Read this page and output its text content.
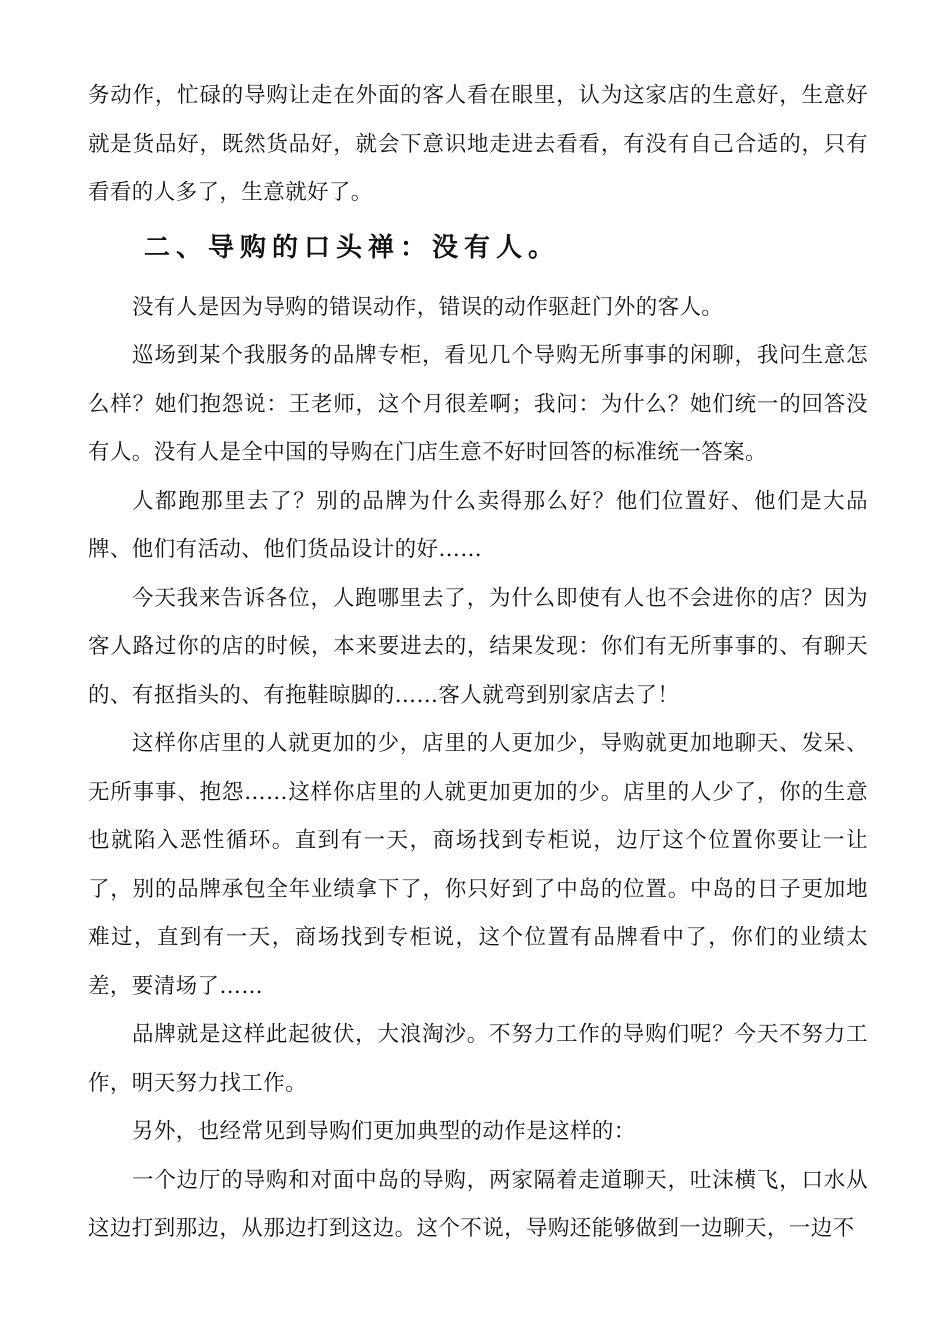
务动作，忙碌的导购让走在外面的客人看在眼里，认为这家店的生意好，生意好就是货品好，既然货品好，就会下意识地走进去看看，有没有自己合适的，只有看看的人多了，生意就好了。

二、导购的口头禅：没有人。

没有人是因为导购的错误动作，错误的动作驱赶门外的客人。

巡场到某个我服务的品牌专柜，看见几个导购无所事事的闲聊，我问生意怎么样？她们抱怨说：王老师，这个月很差啊；我问：为什么？她们统一的回答没有人。没有人是全中国的导购在门店生意不好时回答的标准统一答案。

人都跑那里去了？别的品牌为什么卖得那么好？他们位置好、他们是大品牌、他们有活动、他们货品设计的好……

今天我来告诉各位，人跑哪里去了，为什么即使有人也不会进你的店？因为客人路过你的店的时候，本来要进去的，结果发现：你们有无所事事的、有聊天的、有抠指头的、有拖鞋晾脚的……客人就弯到别家店去了！

这样你店里的人就更加的少，店里的人更加少，导购就更加地聊天、发呆、无所事事、抱怨……这样你店里的人就更加更加的少。店里的人少了，你的生意也就陷入恶性循环。直到有一天，商场找到专柜说，边厅这个位置你要让一让了，别的品牌承包全年业绩拿下了，你只好到了中岛的位置。中岛的日子更加地难过，直到有一天，商场找到专柜说，这个位置有品牌看中了，你们的业绩太差，要清场了……

品牌就是这样此起彼伏，大浪淘沙。不努力工作的导购们呢？今天不努力工作，明天努力找工作。

另外，也经常见到导购们更加典型的动作是这样的：

一个边厅的导购和对面中岛的导购，两家隔着走道聊天，吐沫横飞，口水从这边打到那边，从那边打到这边。这个不说，导购还能够做到一边聊天，一边不
